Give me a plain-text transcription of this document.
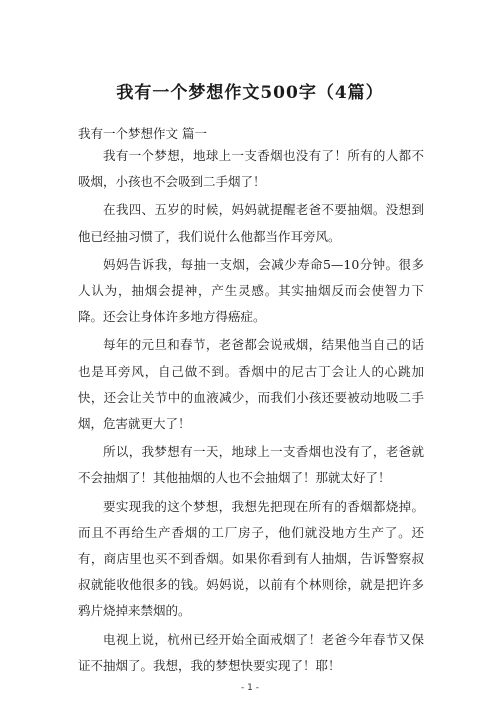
我有一个梦想作文500字（4篇）

我有一个梦想作文 篇一

我有一个梦想，地球上一支香烟也没有了！所有的人都不吸烟，小孩也不会吸到二手烟了！

在我四、五岁的时候，妈妈就提醒老爸不要抽烟。没想到他已经抽习惯了，我们说什么他都当作耳旁风。

妈妈告诉我，每抽一支烟，会减少寿命5—10分钟。很多人认为，抽烟会提神，产生灵感。其实抽烟反而会使智力下降。还会让身体许多地方得癌症。

每年的元旦和春节，老爸都会说戒烟，结果他当自己的话也是耳旁风，自己做不到。香烟中的尼古丁会让人的心跳加快，还会让关节中的血液减少，而我们小孩还要被动地吸二手烟，危害就更大了！

所以，我梦想有一天，地球上一支香烟也没有了，老爸就不会抽烟了！其他抽烟的人也不会抽烟了！那就太好了！

要实现我的这个梦想，我想先把现在所有的香烟都烧掉。而且不再给生产香烟的工厂房子，他们就没地方生产了。还有，商店里也买不到香烟。如果你看到有人抽烟，告诉警察叔叔就能收他很多的钱。妈妈说，以前有个林则徐，就是把许多鸦片烧掉来禁烟的。

电视上说，杭州已经开始全面戒烟了！老爸今年春节又保证不抽烟了。我想，我的梦想快要实现了！耶！

- 1 -
